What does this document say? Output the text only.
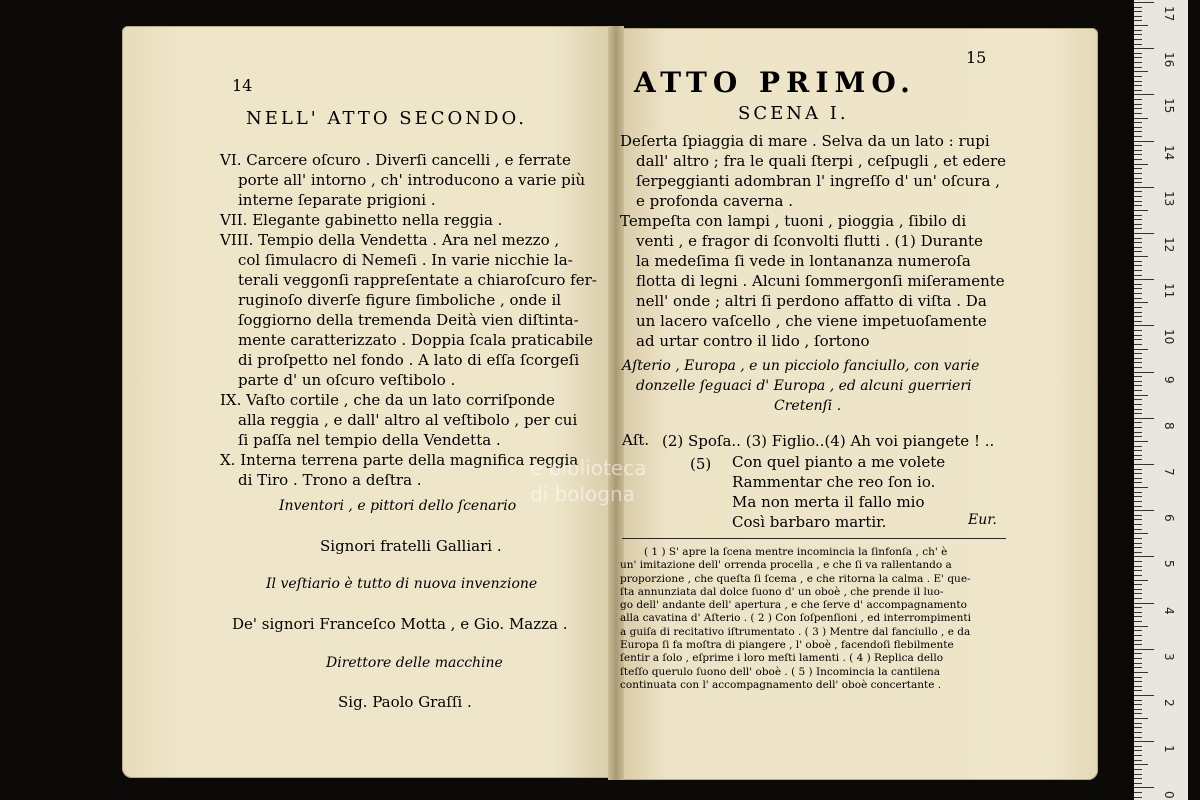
14
NELL' ATTO SECONDO.
VI. Carcere oſcuro . Diverſi cancelli , e ferrate
porte all' intorno , ch' introducono a varie più
interne ſeparate prigioni .
VII. Elegante gabinetto nella reggia .
VIII. Tempio della Vendetta . Ara nel mezzo ,
col ſimulacro di Nemeſi . In varie nicchie la-
terali veggonſi rappreſentate a chiaroſcuro fer-
ruginoſo diverſe figure ſimboliche , onde il
ſoggiorno della tremenda Deità vien diſtinta-
mente caratterizzato . Doppia ſcala praticabile
di proſpetto nel fondo . A lato di eſſa ſcorgeſi
parte d' un oſcuro veſtibolo .
IX. Vaſto cortile , che da un lato corriſponde
alla reggia , e dall' altro al veſtibolo , per cui
ſi paſſa nel tempio della Vendetta .
X. Interna terrena parte della magnifica reggia
di Tiro . Trono a deſtra .
Inventori , e pittori dello ſcenario
Signori fratelli Galliari .
Il veſtiario è tutto di nuova invenzione
De' signori Franceſco Motta , e Gio. Mazza .
Direttore delle macchine
Sig. Paolo Graſſi .
15
ATTO PRIMO.
SCENA I.
Deſerta ſpiaggia di mare . Selva da un lato : rupi
dall' altro ; fra le quali ſterpi , ceſpugli , et edere
ſerpeggianti adombran l' ingreſſo d' un' oſcura ,
e profonda caverna .
Tempeſta con lampi , tuoni , pioggia , ſibilo di
venti , e fragor di ſconvolti flutti . (1) Durante
la medeſima ſi vede in lontananza numeroſa
flotta di legni . Alcuni ſommergonſi miſeramente
nell' onde ; altri ſi perdono affatto di viſta . Da
un lacero vaſcello , che viene impetuoſamente
ad urtar contro il lido , ſortono
Aſterio , Europa , e un picciolo fanciullo, con varie
donzelle ſeguaci d' Europa , ed alcuni guerrieri
Cretenſi .
Aſt. (2) Spoſa.. (3) Figlio..(4) Ah voi piangete ! ..
(5) Con quel pianto a me volete
Rammentar che reo ſon io.
Ma non merta il fallo mio
Così barbaro martir.	Eur.
( 1 ) S' apre la ſcena mentre incomincia la ſinfonſa , ch' è
un' imitazione dell' orrenda procella , e che ſi va rallentando a
proporzione , che queſta ſi ſcema , e che ritorna la calma . E' que-
ſta annunziata dal dolce ſuono d' un oboè , che prende il luo-
go dell' andante dell' apertura , e che ſerve d' accompagnamento
alla cavatina d' Aſterio . ( 2 ) Con ſoſpenſioni , ed interrompimenti
a guiſa di recitativo iſtrumentato . ( 3 ) Mentre dal fanciullo , e da
Europa ſi fa moſtra di piangere , l' oboè , facendoſi flebilmente
ſentir a ſolo , eſprime i loro meſti lamenti . ( 4 ) Replica dello
ſteſſo querulo ſuono dell' oboè . ( 5 ) Incomincia la cantilena
continuata con l' accompagnamento dell' oboè concertante .
e biblioteca
di bologna
17
16
15
14
13
12
11
10
9
8
7
6
5
4
3
2
1
0
